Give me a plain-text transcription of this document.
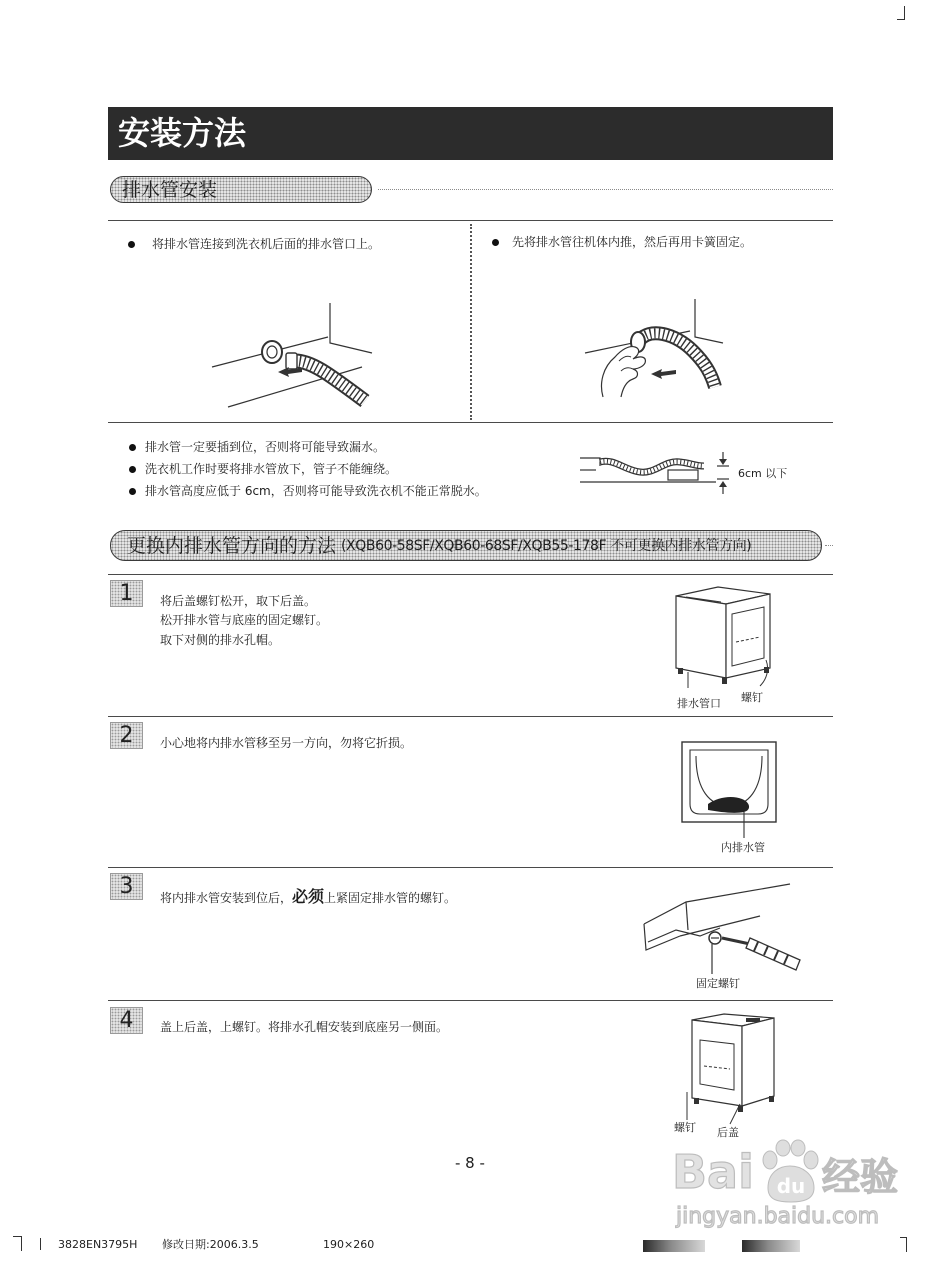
安装方法
排水管安装
将排水管连接到洗衣机后面的排水管口上。	先将排水管往机体内推，然后再用卡簧固定。
排水管一定要插到位，否则将可能导致漏水。
洗衣机工作时要将排水管放下，管子不能缠绕。
排水管高度应低于 6cm，否则将可能导致洗衣机不能正常脱水。
6cm 以下
更换内排水管方向的方法 (XQB60-58SF/XQB60-68SF/XQB55-178F 不可更换内排水管方向)
1	将后盖螺钉松开，取下后盖。
松开排水管与底座的固定螺钉。
取下对侧的排水孔帽。
排水管口 螺钉
2	小心地将内排水管移至另一方向，勿将它折损。
内排水管
3	将内排水管安装到位后，必须上紧固定排水管的螺钉。
固定螺钉
4	盖上后盖，上螺钉。将排水孔帽安装到底座另一侧面。
螺钉 后盖
- 8 -	Bai du 经验
jingyan.baidu.com
3828EN3795H 修改日期:2006.3.5	190×260
